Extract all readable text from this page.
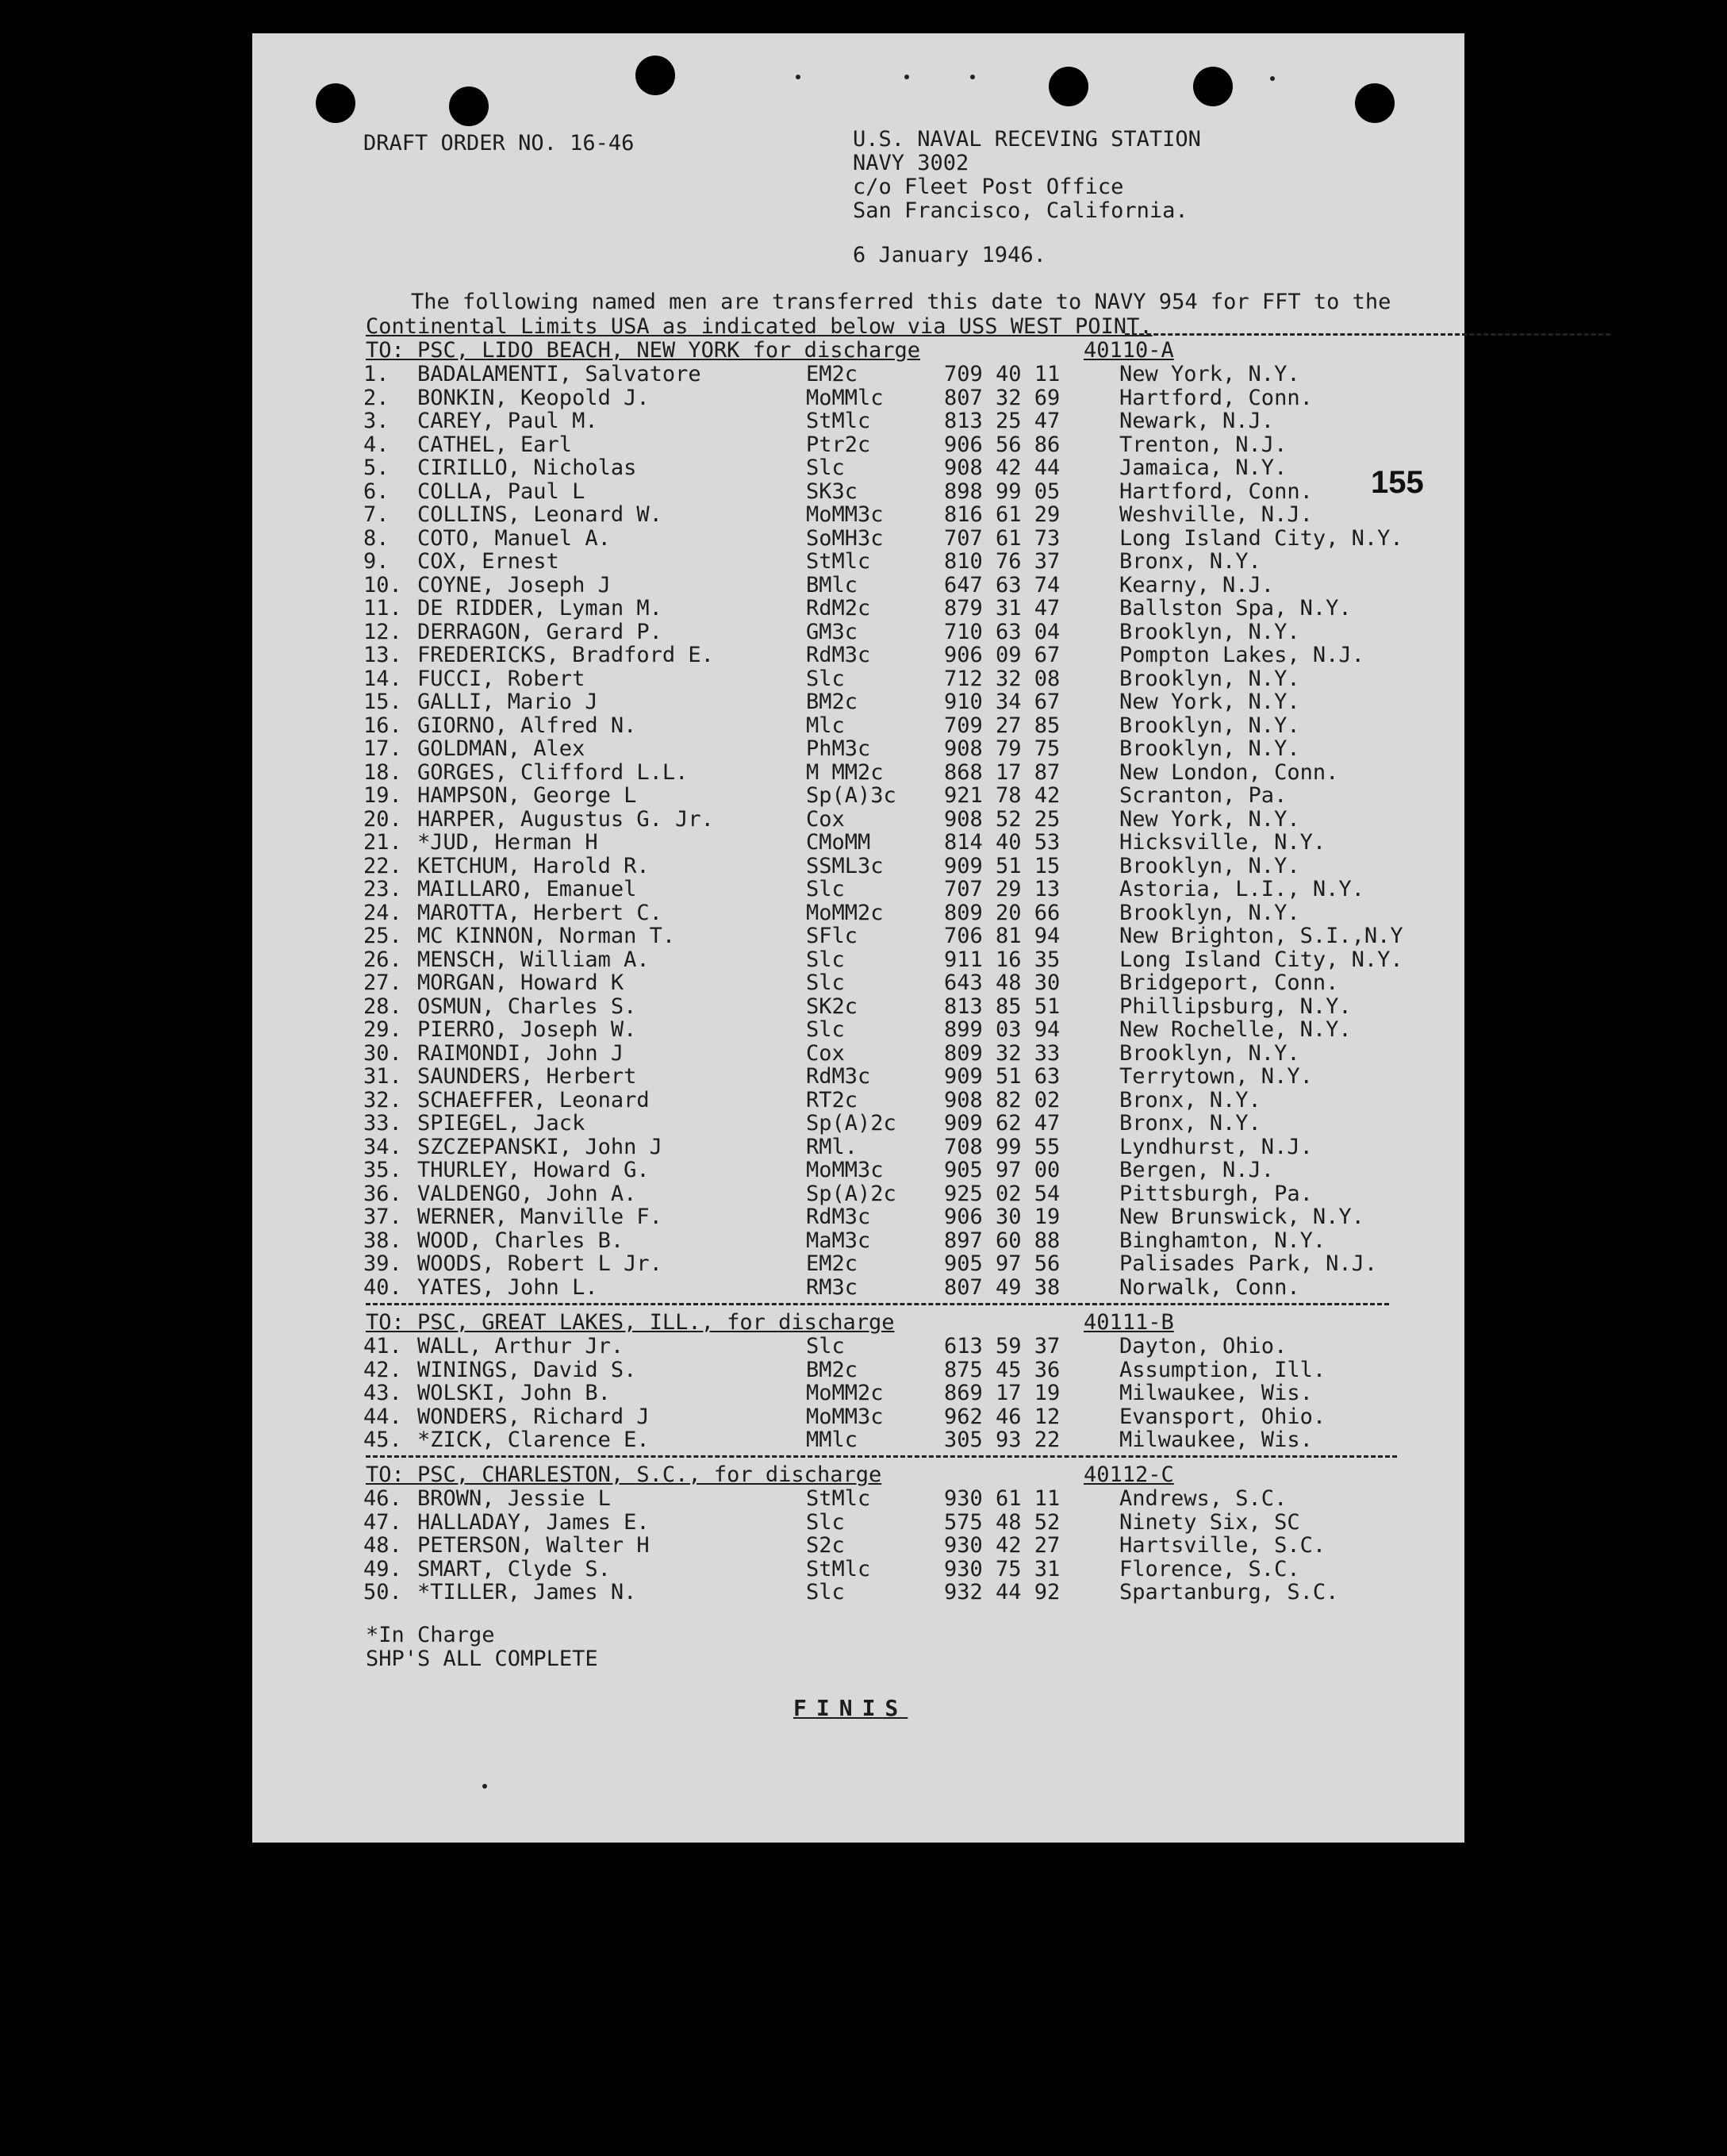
DRAFT ORDER NO. 16-46	U.S. NAVAL RECEVING STATION
NAVY 3002
c/o Fleet Post Office
San Francisco, California.
6 January 1946.
The following named men are transferred this date to NAVY 954 for FFT to the
Continental Limits USA as indicated below via USS WEST POINT.
155
TO: PSC, LIDO BEACH, NEW YORK for discharge	40110-A
TO: PSC, GREAT LAKES, ILL., for discharge	40111-B
TO: PSC, CHARLESTON, S.C., for discharge	40112-C
1. BADALAMENTI, Salvatore	EM2c	709 40 11	New York, N.Y.
2. BONKIN, Keopold J.	MoMMlc	807 32 69	Hartford, Conn.
3. CAREY, Paul M.	StMlc	813 25 47	Newark, N.J.
4. CATHEL, Earl	Ptr2c	906 56 86	Trenton, N.J.
5. CIRILLO, Nicholas	Slc	908 42 44	Jamaica, N.Y.
6. COLLA, Paul L	SK3c	898 99 05	Hartford, Conn.
7. COLLINS, Leonard W.	MoMM3c	816 61 29	Weshville, N.J.
8. COTO, Manuel A.	SoMH3c	707 61 73	Long Island City, N.Y.
9. COX, Ernest	StMlc	810 76 37	Bronx, N.Y.
10. COYNE, Joseph J	BMlc	647 63 74	Kearny, N.J.
11. DE RIDDER, Lyman M.	RdM2c	879 31 47	Ballston Spa, N.Y.
12. DERRAGON, Gerard P.	GM3c	710 63 04	Brooklyn, N.Y.
13. FREDERICKS, Bradford E.	RdM3c	906 09 67	Pompton Lakes, N.J.
14. FUCCI, Robert	Slc	712 32 08	Brooklyn, N.Y.
15. GALLI, Mario J	BM2c	910 34 67	New York, N.Y.
16. GIORNO, Alfred N.	Mlc	709 27 85	Brooklyn, N.Y.
17. GOLDMAN, Alex	PhM3c	908 79 75	Brooklyn, N.Y.
18. GORGES, Clifford L.L.	M MM2c	868 17 87	New London, Conn.
19. HAMPSON, George L	Sp(A)3c 921 78 42	Scranton, Pa.
20. HARPER, Augustus G. Jr.	Cox	908 52 25	New York, N.Y.
21. *JUD, Herman H	CMoMM	814 40 53	Hicksville, N.Y.
22. KETCHUM, Harold R.	SSML3c	909 51 15	Brooklyn, N.Y.
23. MAILLARO, Emanuel	Slc	707 29 13	Astoria, L.I., N.Y.
24. MAROTTA, Herbert C.	MoMM2c	809 20 66	Brooklyn, N.Y.
25. MC KINNON, Norman T.	SFlc	706 81 94	New Brighton, S.I.,N.Y
26. MENSCH, William A.	Slc	911 16 35	Long Island City, N.Y.
27. MORGAN, Howard K	Slc	643 48 30	Bridgeport, Conn.
28. OSMUN, Charles S.	SK2c	813 85 51	Phillipsburg, N.Y.
29. PIERRO, Joseph W.	Slc	899 03 94	New Rochelle, N.Y.
30. RAIMONDI, John J	Cox	809 32 33	Brooklyn, N.Y.
31. SAUNDERS, Herbert	RdM3c	909 51 63	Terrytown, N.Y.
32. SCHAEFFER, Leonard	RT2c	908 82 02	Bronx, N.Y.
33. SPIEGEL, Jack	Sp(A)2c 909 62 47	Bronx, N.Y.
34. SZCZEPANSKI, John J	RMl.	708 99 55	Lyndhurst, N.J.
35. THURLEY, Howard G.	MoMM3c	905 97 00	Bergen, N.J.
36. VALDENGO, John A.	Sp(A)2c 925 02 54	Pittsburgh, Pa.
37. WERNER, Manville F.	RdM3c	906 30 19	New Brunswick, N.Y.
38. WOOD, Charles B.	MaM3c	897 60 88	Binghamton, N.Y.
39. WOODS, Robert L Jr.	EM2c	905 97 56	Palisades Park, N.J.
40. YATES, John L.	RM3c	807 49 38	Norwalk, Conn.
41. WALL, Arthur Jr.	Slc	613 59 37	Dayton, Ohio.
42. WININGS, David S.	BM2c	875 45 36	Assumption, Ill.
43. WOLSKI, John B.	MoMM2c	869 17 19	Milwaukee, Wis.
44. WONDERS, Richard J	MoMM3c	962 46 12	Evansport, Ohio.
45. *ZICK, Clarence E.	MMlc	305 93 22	Milwaukee, Wis.
46. BROWN, Jessie L	StMlc	930 61 11	Andrews, S.C.
47. HALLADAY, James E.	Slc	575 48 52	Ninety Six, SC
48. PETERSON, Walter H	S2c	930 42 27	Hartsville, S.C.
49. SMART, Clyde S.	StMlc	930 75 31	Florence, S.C.
50. *TILLER, James N.	Slc	932 44 92	Spartanburg, S.C.
*In Charge
SHP'S ALL COMPLETE
FINIS
